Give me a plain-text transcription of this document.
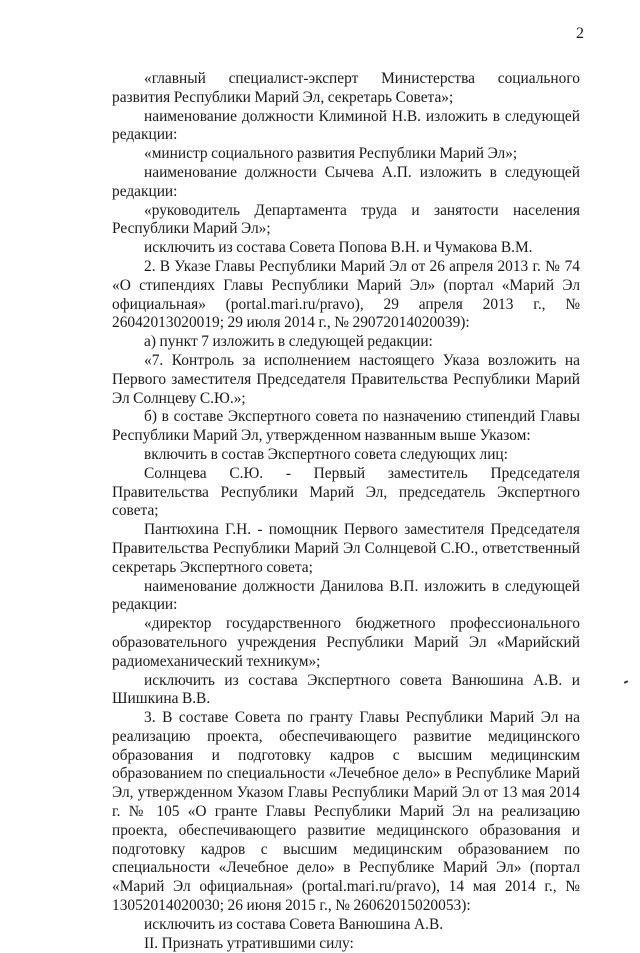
2

«главный специалист-эксперт Министерства социального развития Республики Марий Эл, секретарь Совета»;

наименование должности Климиной Н.В. изложить в следующей редакции:

«министр социального развития Республики Марий Эл»;

наименование должности Сычева А.П. изложить в следующей редакции:

«руководитель Департамента труда и занятости населения Республики Марий Эл»;

исключить из состава Совета Попова В.Н. и Чумакова В.М.

2. В Указе Главы Республики Марий Эл от 26 апреля 2013 г. № 74 «О стипендиях Главы Республики Марий Эл» (портал «Марий Эл официальная» (portal.mari.ru/pravo), 29 апреля 2013 г., № 26042013020019; 29 июля 2014 г., № 29072014020039):

а) пункт 7 изложить в следующей редакции:

«7. Контроль за исполнением настоящего Указа возложить на Первого заместителя Председателя Правительства Республики Марий Эл Солнцеву С.Ю.»;

б) в составе Экспертного совета по назначению стипендий Главы Республики Марий Эл, утвержденном названным выше Указом:

включить в состав Экспертного совета следующих лиц:

Солнцева С.Ю. - Первый заместитель Председателя Правительства Республики Марий Эл, председатель Экспертного совета;

Пантюхина Г.Н. - помощник Первого заместителя Председателя Правительства Республики Марий Эл Солнцевой С.Ю., ответственный секретарь Экспертного совета;

наименование должности Данилова В.П. изложить в следующей редакции:

«директор государственного бюджетного профессионального образовательного учреждения Республики Марий Эл «Марийский радиомеханический техникум»;

исключить из состава Экспертного совета Ванюшина А.В. и Шишкина В.В.

3. В составе Совета по гранту Главы Республики Марий Эл на реализацию проекта, обеспечивающего развитие медицинского образования и подготовку кадров с высшим медицинским образованием по специальности «Лечебное дело» в Республике Марий Эл, утвержденном Указом Главы Республики Марий Эл от 13 мая 2014 г. № 105 «О гранте Главы Республики Марий Эл на реализацию проекта, обеспечивающего развитие медицинского образования и подготовку кадров с высшим медицинским образованием по специальности «Лечебное дело» в Республике Марий Эл» (портал «Марий Эл официальная» (portal.mari.ru/pravo), 14 мая 2014 г., № 13052014020030; 26 июня 2015 г., № 26062015020053):

исключить из состава Совета Ванюшина А.В.

II. Признать утратившими силу:
